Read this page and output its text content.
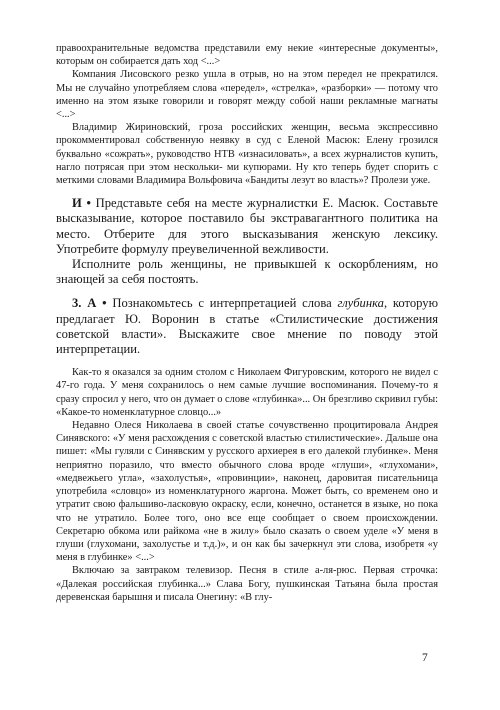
правоохранительные ведомства представили ему некие «интересные документы», которым он собирается дать ход <...>

Компания Лисовского резко ушла в отрыв, но на этом передел не прекратился. Мы не случайно употребляем слова «передел», «стрелка», «разборки» — потому что именно на этом языке говорили и говорят между собой наши рекламные магнаты <...>

Владимир Жириновский, гроза российских женщин, весьма экспрессивно прокомментировал собственную неявку в суд с Еленой Масюк: Елену грозился буквально «сожрать», руководство НТВ «изнасиловать», а всех журналистов купить, нагло потрясая при этом нескольки- ми купюрами. Ну кто теперь будет спорить с меткими словами Владимира Вольфовича «Бандиты лезут во власть»? Пролези уже.

И • Представьте себя на месте журналистки Е. Масюк. Составьте высказывание, которое поставило бы экстравагантного политика на место. Отберите для этого высказывания женскую лексику. Употребите формулу преувеличенной вежливости.

Исполните роль женщины, не привыкшей к оскорблениям, но знающей за себя постоять.

3. А • Познакомьтесь с интерпретацией слова глубинка, которую предлагает Ю. Воронин в статье «Стилистические достижения советской власти». Выскажите свое мнение по поводу этой интерпретации.

Как-то я оказался за одним столом с Николаем Фигуровским, которого не видел с 47-го года. У меня сохранилось о нем самые лучшие воспоминания. Почему-то я сразу спросил у него, что он думает о слове «глубинка»... Он брезгливо скривил губы: «Какое-то номенклатурное словцо...»

Недавно Олеся Николаева в своей статье сочувственно процитировала Андрея Синявского: «У меня расхождения с советской властью стилистические». Дальше она пишет: «Мы гуляли с Синявским у русского архиерея в его далекой глубинке». Меня неприятно поразило, что вместо обычного слова вроде «глуши», «глухомани», «медвежьего угла», «захолустья», «провинции», наконец, даровитая писательница употребила «словцо» из номенклатурного жаргона. Может быть, со временем оно и утратит свою фальшиво-ласковую окраску, если, конечно, останется в языке, но пока что не утратило. Более того, оно все еще сообщает о своем происхождении. Секретарю обкома или райкома «не в жилу» было сказать о своем уделе «У меня в глуши (глухомани, захолустье и т.д.)», и он как бы зачеркнул эти слова, изобретя «у меня в глубинке» <...>

Включаю за завтраком телевизор. Песня в стиле а-ля-рюс. Первая строчка: «Далекая российская глубинка...» Слава Богу, пушкинская Татьяна была простая деревенская барышня и писала Онегину: «В глу-

7
